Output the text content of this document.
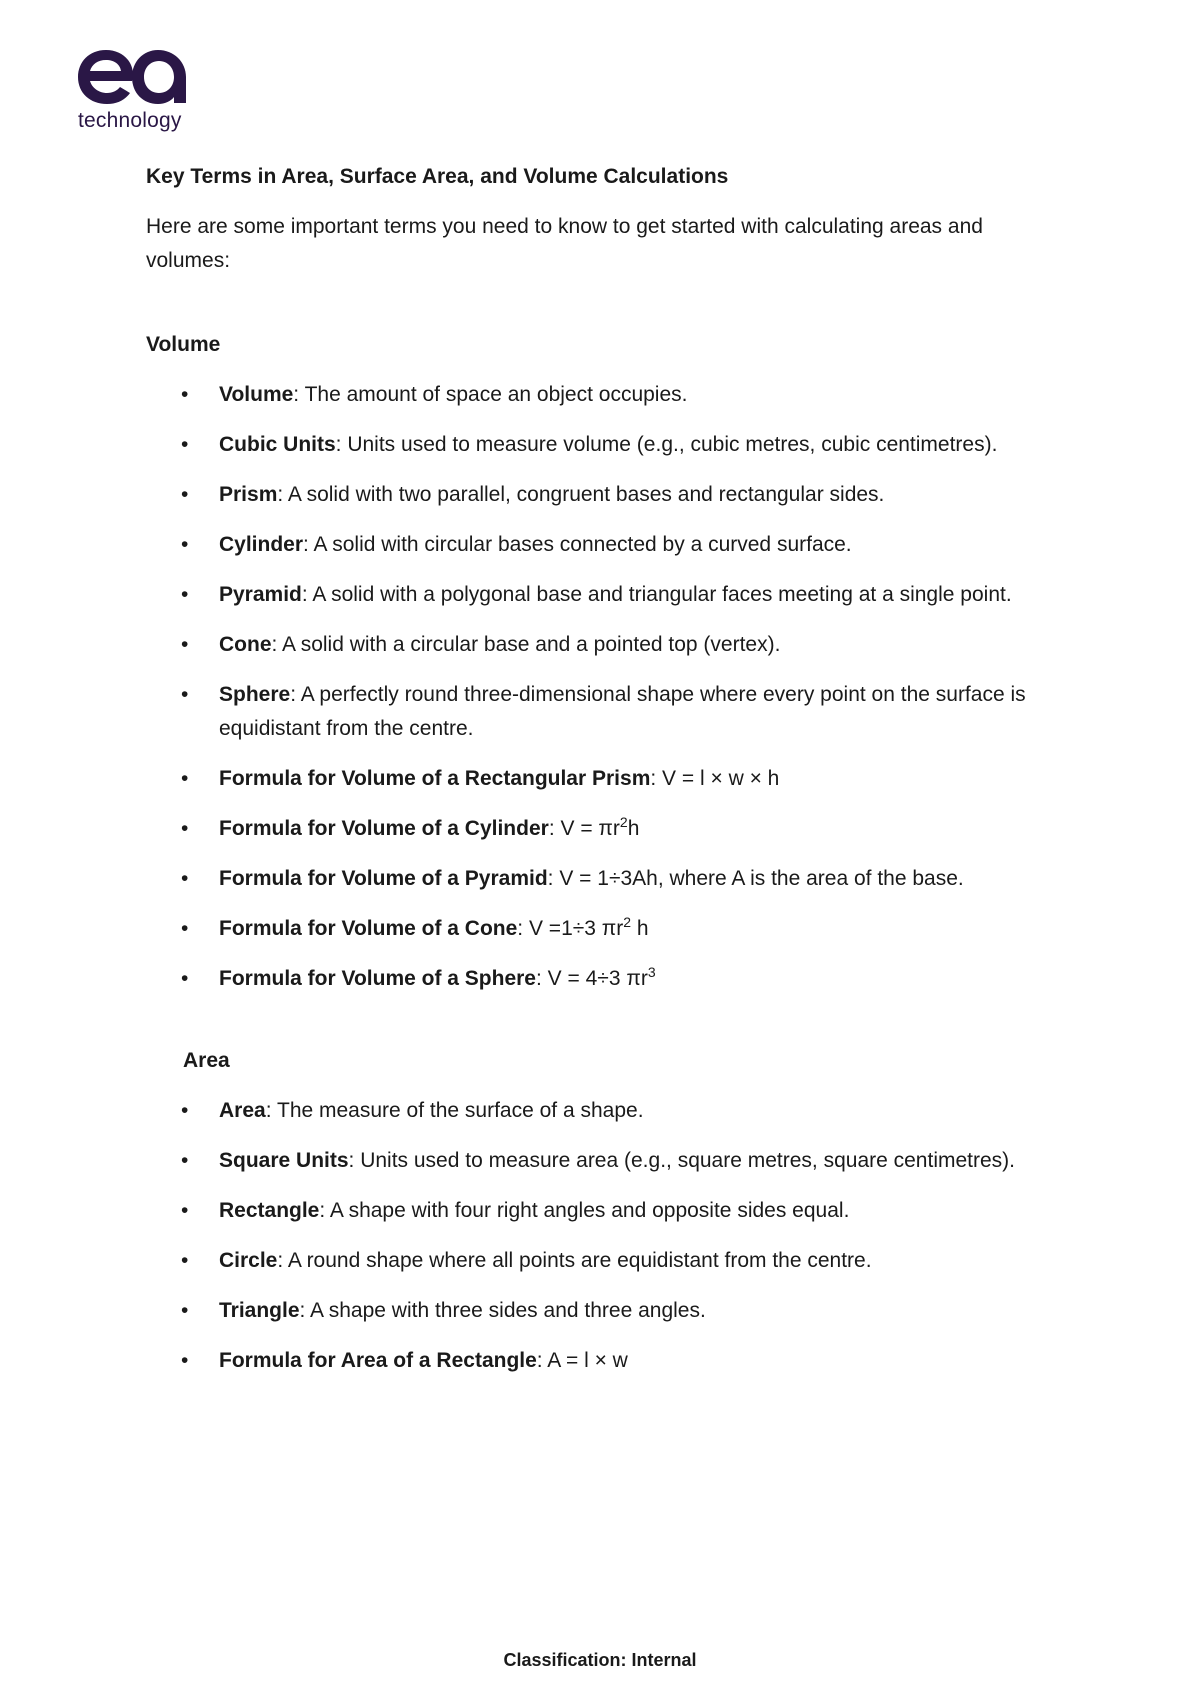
technology
Key Terms in Area, Surface Area, and Volume Calculations

Here are some important terms you need to know to get started with calculating areas and volumes:

Volume
• Volume: The amount of space an object occupies.
• Cubic Units: Units used to measure volume (e.g., cubic metres, cubic centimetres).
• Prism: A solid with two parallel, congruent bases and rectangular sides.
• Cylinder: A solid with circular bases connected by a curved surface.
• Pyramid: A solid with a polygonal base and triangular faces meeting at a single point.
• Cone: A solid with a circular base and a pointed top (vertex).
• Sphere: A perfectly round three-dimensional shape where every point on the surface is equidistant from the centre.
• Formula for Volume of a Rectangular Prism: V = l × w × h
• Formula for Volume of a Cylinder: $V = \pi r^2h$
• Formula for Volume of a Pyramid: V = 1÷3Ah, where A is the area of the base.
• Formula for Volume of a Cone: V =1÷3 $\pi r^2$ h
• Formula for Volume of a Sphere: V = 4÷3 $\pi r^3$
Area
• Area: The measure of the surface of a shape.
• Square Units: Units used to measure area (e.g., square metres, square centimetres).
• Rectangle: A shape with four right angles and opposite sides equal.
• Circle: A round shape where all points are equidistant from the centre.
• Triangle: A shape with three sides and three angles.
• Formula for Area of a Rectangle: A = l × w
Classification: Internal
